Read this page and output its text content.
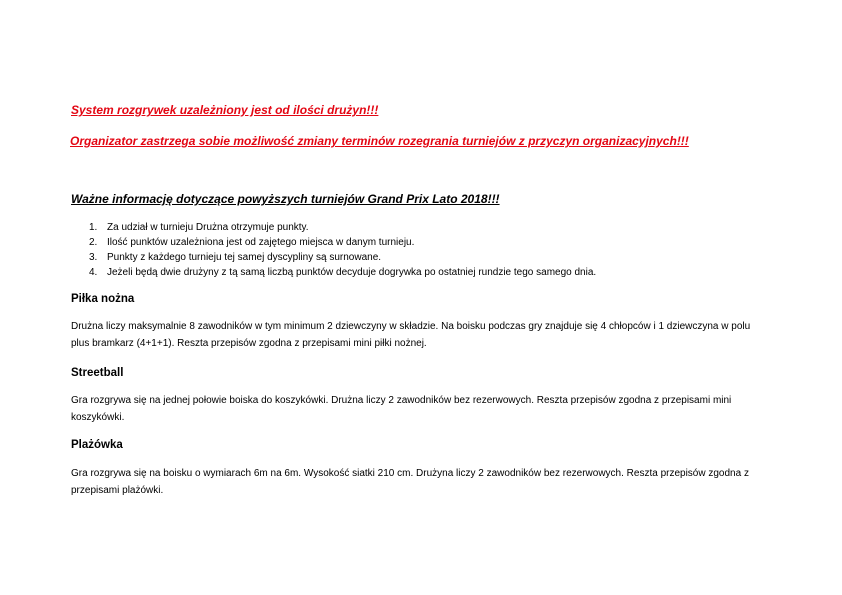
System rozgrywek uzależniony jest od ilości drużyn!!!
Organizator zastrzega sobie możliwość zmiany terminów rozegrania turniejów z przyczyn organizacyjnych!!!
Ważne informację dotyczące powyższych turniejów Grand Prix Lato 2018!!!
1. Za udział w turnieju Drużna otrzymuje punkty.
2. Ilość punktów uzależniona jest od zajętego miejsca w danym turnieju.
3. Punkty z każdego turnieju tej samej dyscypliny są surnowane.
4. Jeżeli będą dwie drużyny z tą samą liczbą punktów decyduje dogrywka po ostatniej rundzie tego samego dnia.
Piłka nożna

Drużna liczy maksymalnie 8 zawodników w tym minimum 2 dziewczyny w składzie. Na boisku podczas gry znajduje się 4 chłopców i 1 dziewczyna w polu plus bramkarz (4+1+1). Reszta przepisów zgodna z przepisami mini piłki nożnej.

Streetball

Gra rozgrywa się na jednej połowie boiska do koszykówki. Drużna liczy 2 zawodników bez rezerwowych. Reszta przepisów zgodna z przepisami mini koszykówki.

Plażówka

Gra rozgrywa się na boisku o wymiarach 6m na 6m. Wysokość siatki 210 cm. Drużyna liczy 2 zawodników bez rezerwowych. Reszta przepisów zgodna z przepisami plażówki.
